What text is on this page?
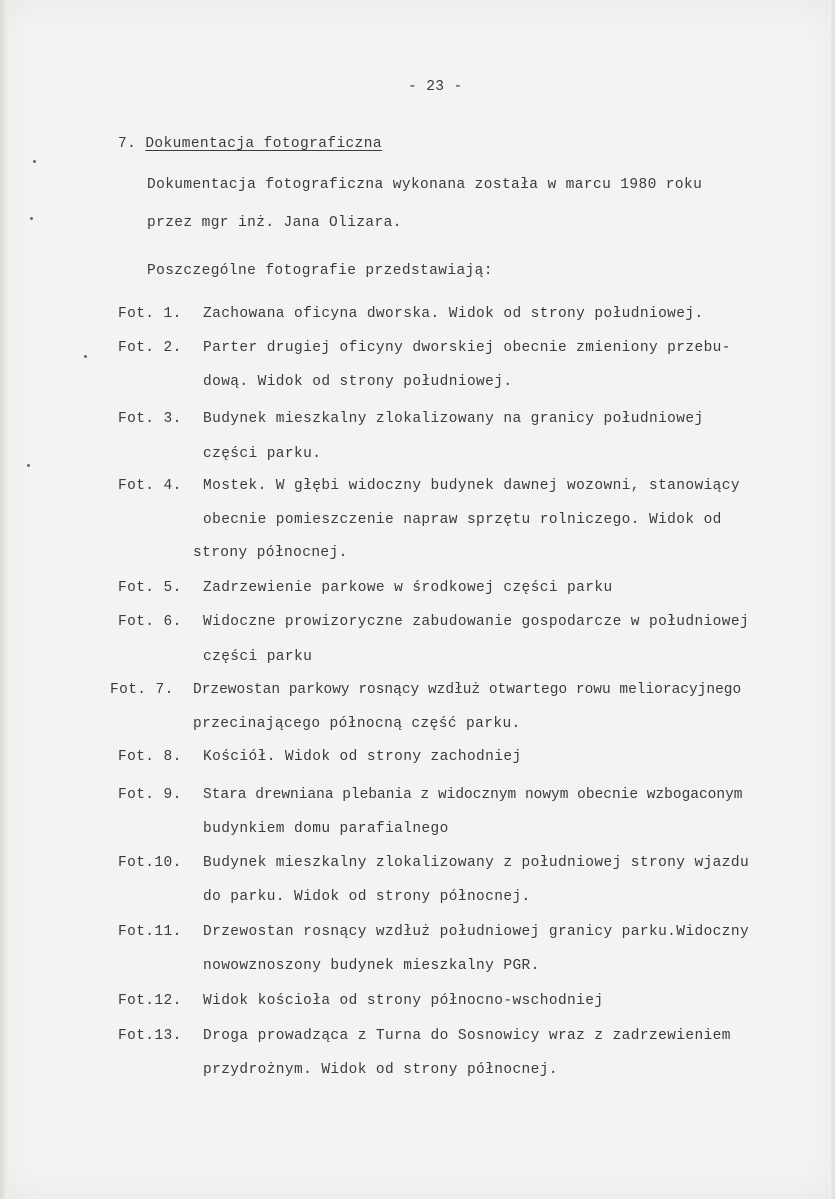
- 23 -
7. Dokumentacja fotograficzna
Dokumentacja fotograficzna wykonana została w marcu 1980 roku
przez mgr inż. Jana Olizara.
Poszczególne fotografie przedstawiają:
Fot. 1. Zachowana oficyna dworska. Widok od strony południowej.
Fot. 2. Parter drugiej oficyny dworskiej obecnie zmieniony przebu-
dową. Widok od strony południowej.
Fot. 3. Budynek mieszkalny zlokalizowany na granicy południowej
części parku.
Fot. 4. Mostek. W głębi widoczny budynek dawnej wozowni, stanowiący
obecnie pomieszczenie napraw sprzętu rolniczego. Widok od
strony północnej.
Fot. 5. Zadrzewienie parkowe w środkowej części parku
Fot. 6. Widoczne prowizoryczne zabudowanie gospodarcze w południowej
części parku
Fot. 7. Drzewostan parkowy rosnący wzdłuż otwartego rowu melioracyjnego
przecinającego północną część parku.
Fot. 8. Kościół. Widok od strony zachodniej
Fot. 9. Stara drewniana plebania z widocznym nowym obecnie wzbogaconym
budynkiem domu parafialnego
Fot.10. Budynek mieszkalny zlokalizowany z południowej strony wjazdu
do parku. Widok od strony północnej.
Fot.11. Drzewostan rosnący wzdłuż południowej granicy parku.Widoczny
nowowznoszony budynek mieszkalny PGR.
Fot.12. Widok kościoła od strony północno-wschodniej
Fot.13. Droga prowadząca z Turna do Sosnowicy wraz z zadrzewieniem
przydrożnym. Widok od strony północnej.
